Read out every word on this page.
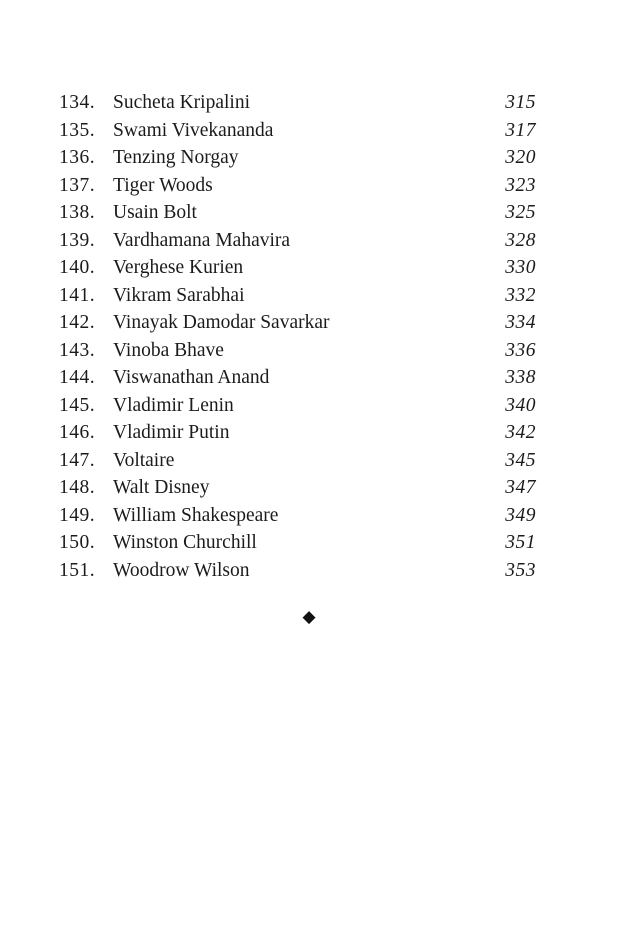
134. Sucheta Kripalini	315
135. Swami Vivekananda	317
136. Tenzing Norgay	320
137. Tiger Woods	323
138. Usain Bolt	325
139. Vardhamana Mahavira	328
140. Verghese Kurien	330
141. Vikram Sarabhai	332
142. Vinayak Damodar Savarkar	334
143. Vinoba Bhave	336
144. Viswanathan Anand	338
145. Vladimir Lenin	340
146. Vladimir Putin	342
147. Voltaire	345
148. Walt Disney	347
149. William Shakespeare	349
150. Winston Churchill	351
151. Woodrow Wilson	353
◆
